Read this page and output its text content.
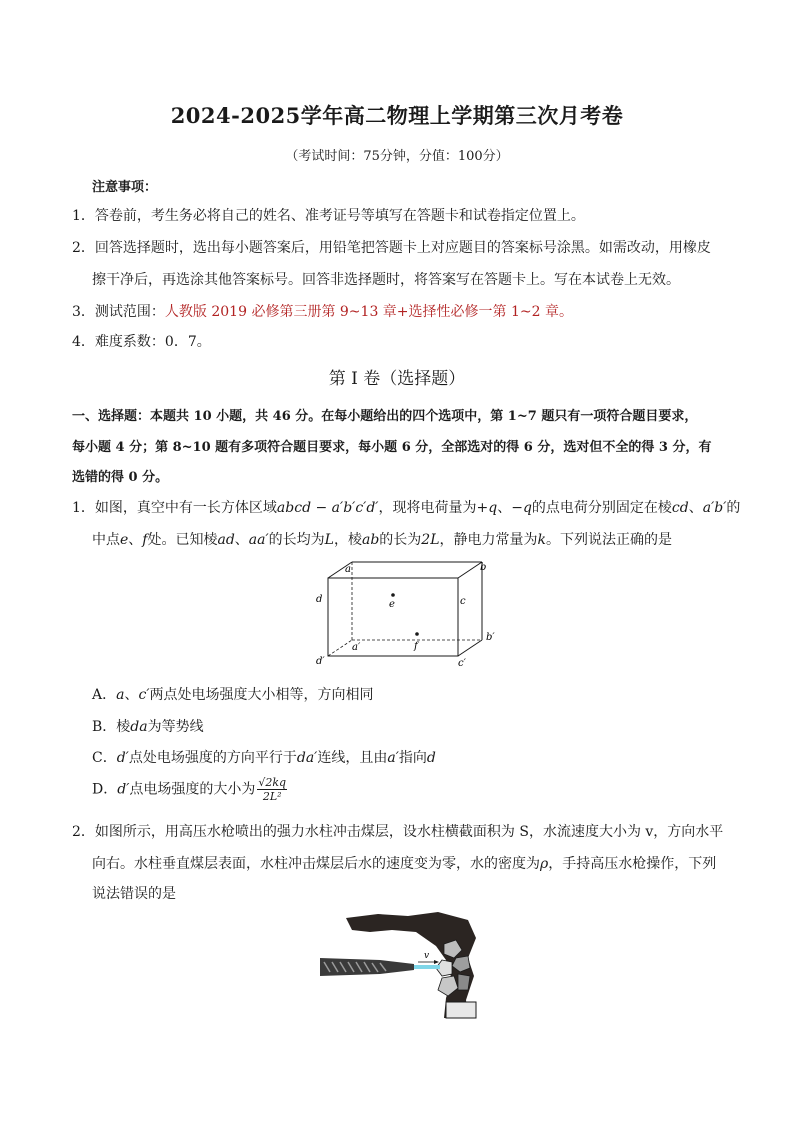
2024-2025学年高二物理上学期第三次月考卷
（考试时间：75分钟，分值：100分）
注意事项：
1．答卷前，考生务必将自己的姓名、准考证号等填写在答题卡和试卷指定位置上。
2．回答选择题时，选出每小题答案后，用铅笔把答题卡上对应题目的答案标号涂黑。如需改动，用橡皮
擦干净后，再选涂其他答案标号。回答非选择题时，将答案写在答题卡上。写在本试卷上无效。
3．测试范围：人教版 2019 必修第三册第 9~13 章+选择性必修一第 1~2 章。
4．难度系数：0．7。
第 I 卷（选择题）
一、选择题：本题共 10 小题，共 46 分。在每小题给出的四个选项中，第 1~7 题只有一项符合题目要求，
每小题 4 分；第 8~10 题有多项符合题目要求，每小题 6 分，全部选对的得 6 分，选对但不全的得 3 分，有
选错的得 0 分。
1．如图，真空中有一长方体区域abcd − a′b′c′d′，现将电荷量为+q、−q的点电荷分别固定在棱cd、a′b′的
中点e、f处。已知棱ad、aa′的长均为L，棱ab的长为2L，静电力常量为k。下列说法正确的是
a	b
c
d	e
f
a′
b′
c′
d′
A．a、c′两点处电场强度大小相等，方向相同
B．棱da为等势线
C．d′点处电场强度的方向平行于da′连线，且由a′指向d
D．d′点电场强度的大小为 $\frac{√2kq}{\text{2L²}}$
2．如图所示，用高压水枪喷出的强力水柱冲击煤层，设水柱横截面积为 S，水流速度大小为 v，方向水平
向右。水柱垂直煤层表面，水柱冲击煤层后水的速度变为零，水的密度为ρ，手持高压水枪操作，下列
说法错误的是
v
